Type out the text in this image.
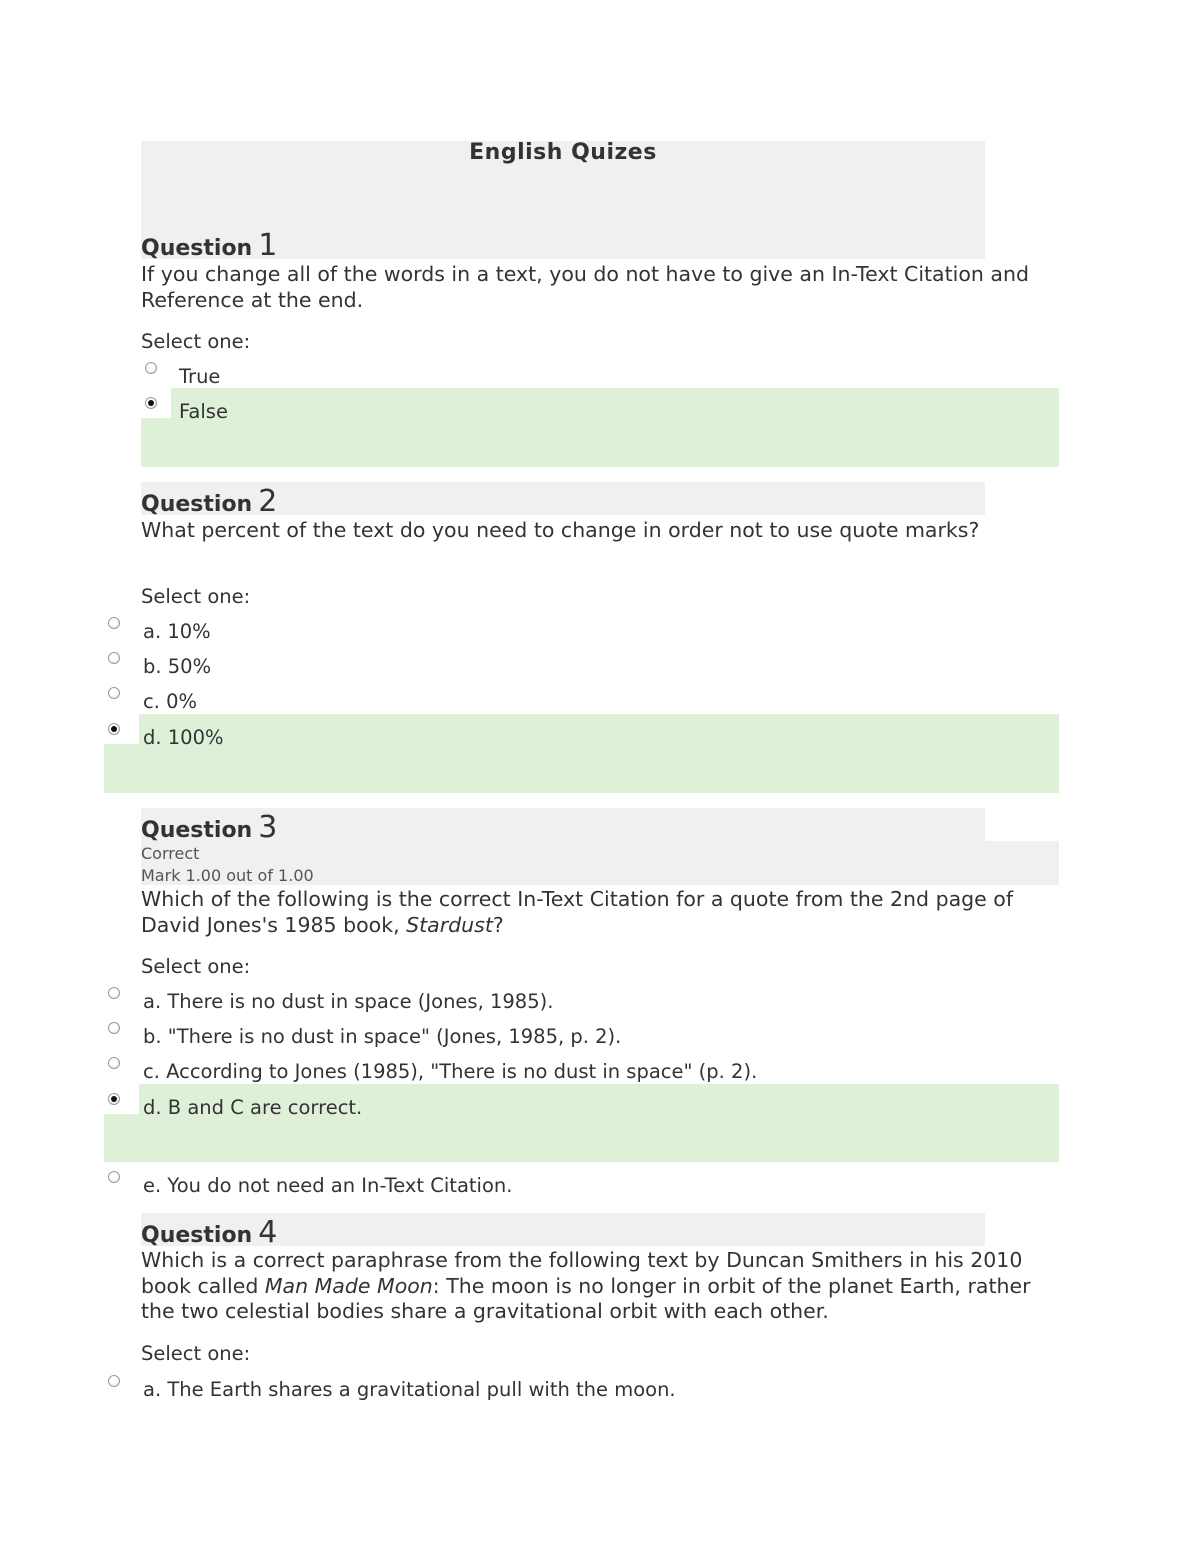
English Quizes
Question 1
If you change all of the words in a text, you do not have to give an In-Text Citation and Reference at the end.
Select one:
True
False
Question 2
What percent of the text do you need to change in order not to use quote marks?
Select one:
a. 10%
b. 50%
c. 0%
d. 100%
Question 3
Correct
Mark 1.00 out of 1.00
Which of the following is the correct In-Text Citation for a quote from the 2nd page of David Jones's 1985 book, Stardust?
Select one:
a. There is no dust in space (Jones, 1985).
b. "There is no dust in space" (Jones, 1985, p. 2).
c. According to Jones (1985), "There is no dust in space" (p. 2).
d. B and C are correct.
e. You do not need an In-Text Citation.
Question 4
Which is a correct paraphrase from the following text by Duncan Smithers in his 2010 book called Man Made Moon: The moon is no longer in orbit of the planet Earth, rather the two celestial bodies share a gravitational orbit with each other.
Select one:
a. The Earth shares a gravitational pull with the moon.
